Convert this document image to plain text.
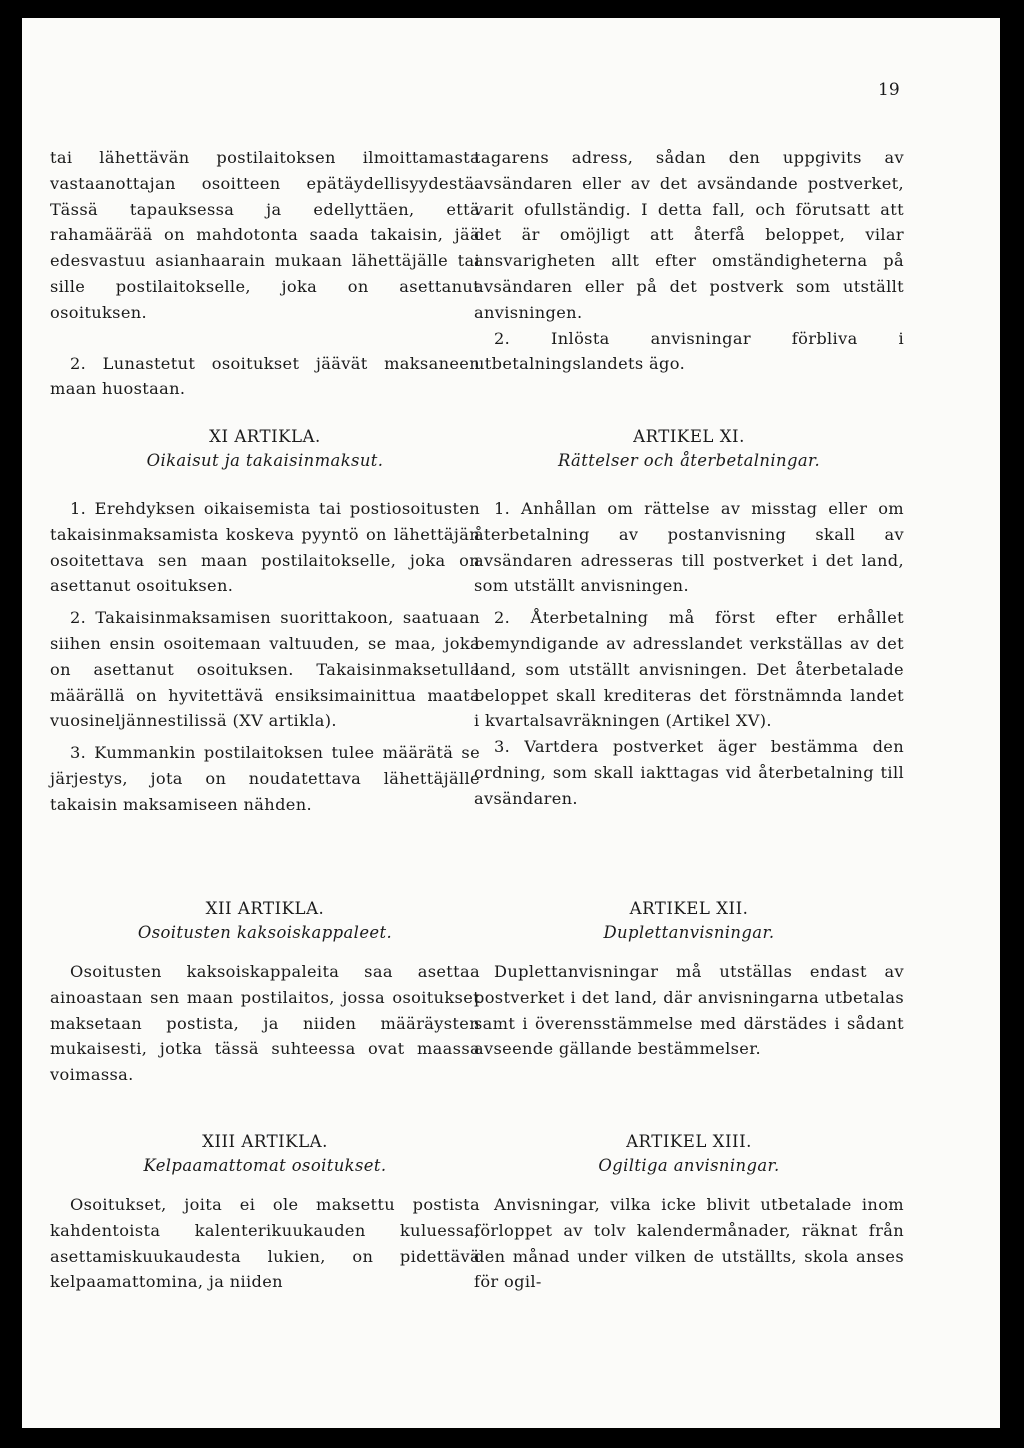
19

tai lähettävän postilaitoksen ilmoittamasta vastaanottajan osoitteen epätäydellisyydestä. Tässä tapauksessa ja edellyttäen, että rahamäärää on mahdotonta saada takaisin, jää edesvastuu asianhaarain mukaan lähettäjälle tai sille postilaitokselle, joka on asettanut osoituksen.

2. Lunastetut osoitukset jäävät maksaneen maan huostaan.

XI ARTIKLA.

Oikaisut ja takaisinmaksut.

1. Erehdyksen oikaisemista tai postiosoitusten takaisinmaksamista koskeva pyyntö on lähettäjän osoitettava sen maan postilaitokselle, joka on asettanut osoituksen.

2. Takaisinmaksamisen suorittakoon, saatuaan siihen ensin osoitemaan valtuuden, se maa, joka on asettanut osoituksen. Takaisinmaksetulla määrällä on hyvitettävä ensiksimainittua maata vuosineljännestilissä (XV artikla).

3. Kummankin postilaitoksen tulee määrätä se järjestys, jota on noudatettava lähettäjälle takaisin maksamiseen nähden.

XII ARTIKLA.

Osoitusten kaksoiskappaleet.

Osoitusten kaksoiskappaleita saa asettaa ainoastaan sen maan postilaitos, jossa osoitukset maksetaan postista, ja niiden määräysten mukaisesti, jotka tässä suhteessa ovat maassa voimassa.

XIII ARTIKLA.

Kelpaamattomat osoitukset.

Osoitukset, joita ei ole maksettu postista kahdentoista kalenterikuukauden kuluessa, asettamiskuukaudesta lukien, on pidettävä kelpaamattomina, ja niiden

tagarens adress, sådan den uppgivits av avsändaren eller av det avsändande postverket, varit ofullständig. I detta fall, och förutsatt att det är omöjligt att återfå beloppet, vilar ansvarigheten allt efter omständigheterna på avsändaren eller på det postverk som utställt anvisningen.

2. Inlösta anvisningar förbliva i utbetalningslandets ägo.

ARTIKEL XI.

Rättelser och återbetalningar.

1. Anhållan om rättelse av misstag eller om återbetalning av postanvisning skall av avsändaren adresseras till postverket i det land, som utställt anvisningen.

2. Återbetalning må först efter erhållet bemyndigande av adresslandet verkställas av det land, som utställt anvisningen. Det återbetalade beloppet skall krediteras det förstnämnda landet i kvartalsavräkningen (Artikel XV).

3. Vartdera postverket äger bestämma den ordning, som skall iakttagas vid återbetalning till avsändaren.

ARTIKEL XII.

Duplettanvisningar.

Duplettanvisningar må utställas endast av postverket i det land, där anvisningarna utbetalas samt i överensstämmelse med därstädes i sådant avseende gällande bestämmelser.

ARTIKEL XIII.

Ogiltiga anvisningar.

Anvisningar, vilka icke blivit utbetalade inom förloppet av tolv kalendermånader, räknat från den månad under vilken de utställts, skola anses för ogil-
